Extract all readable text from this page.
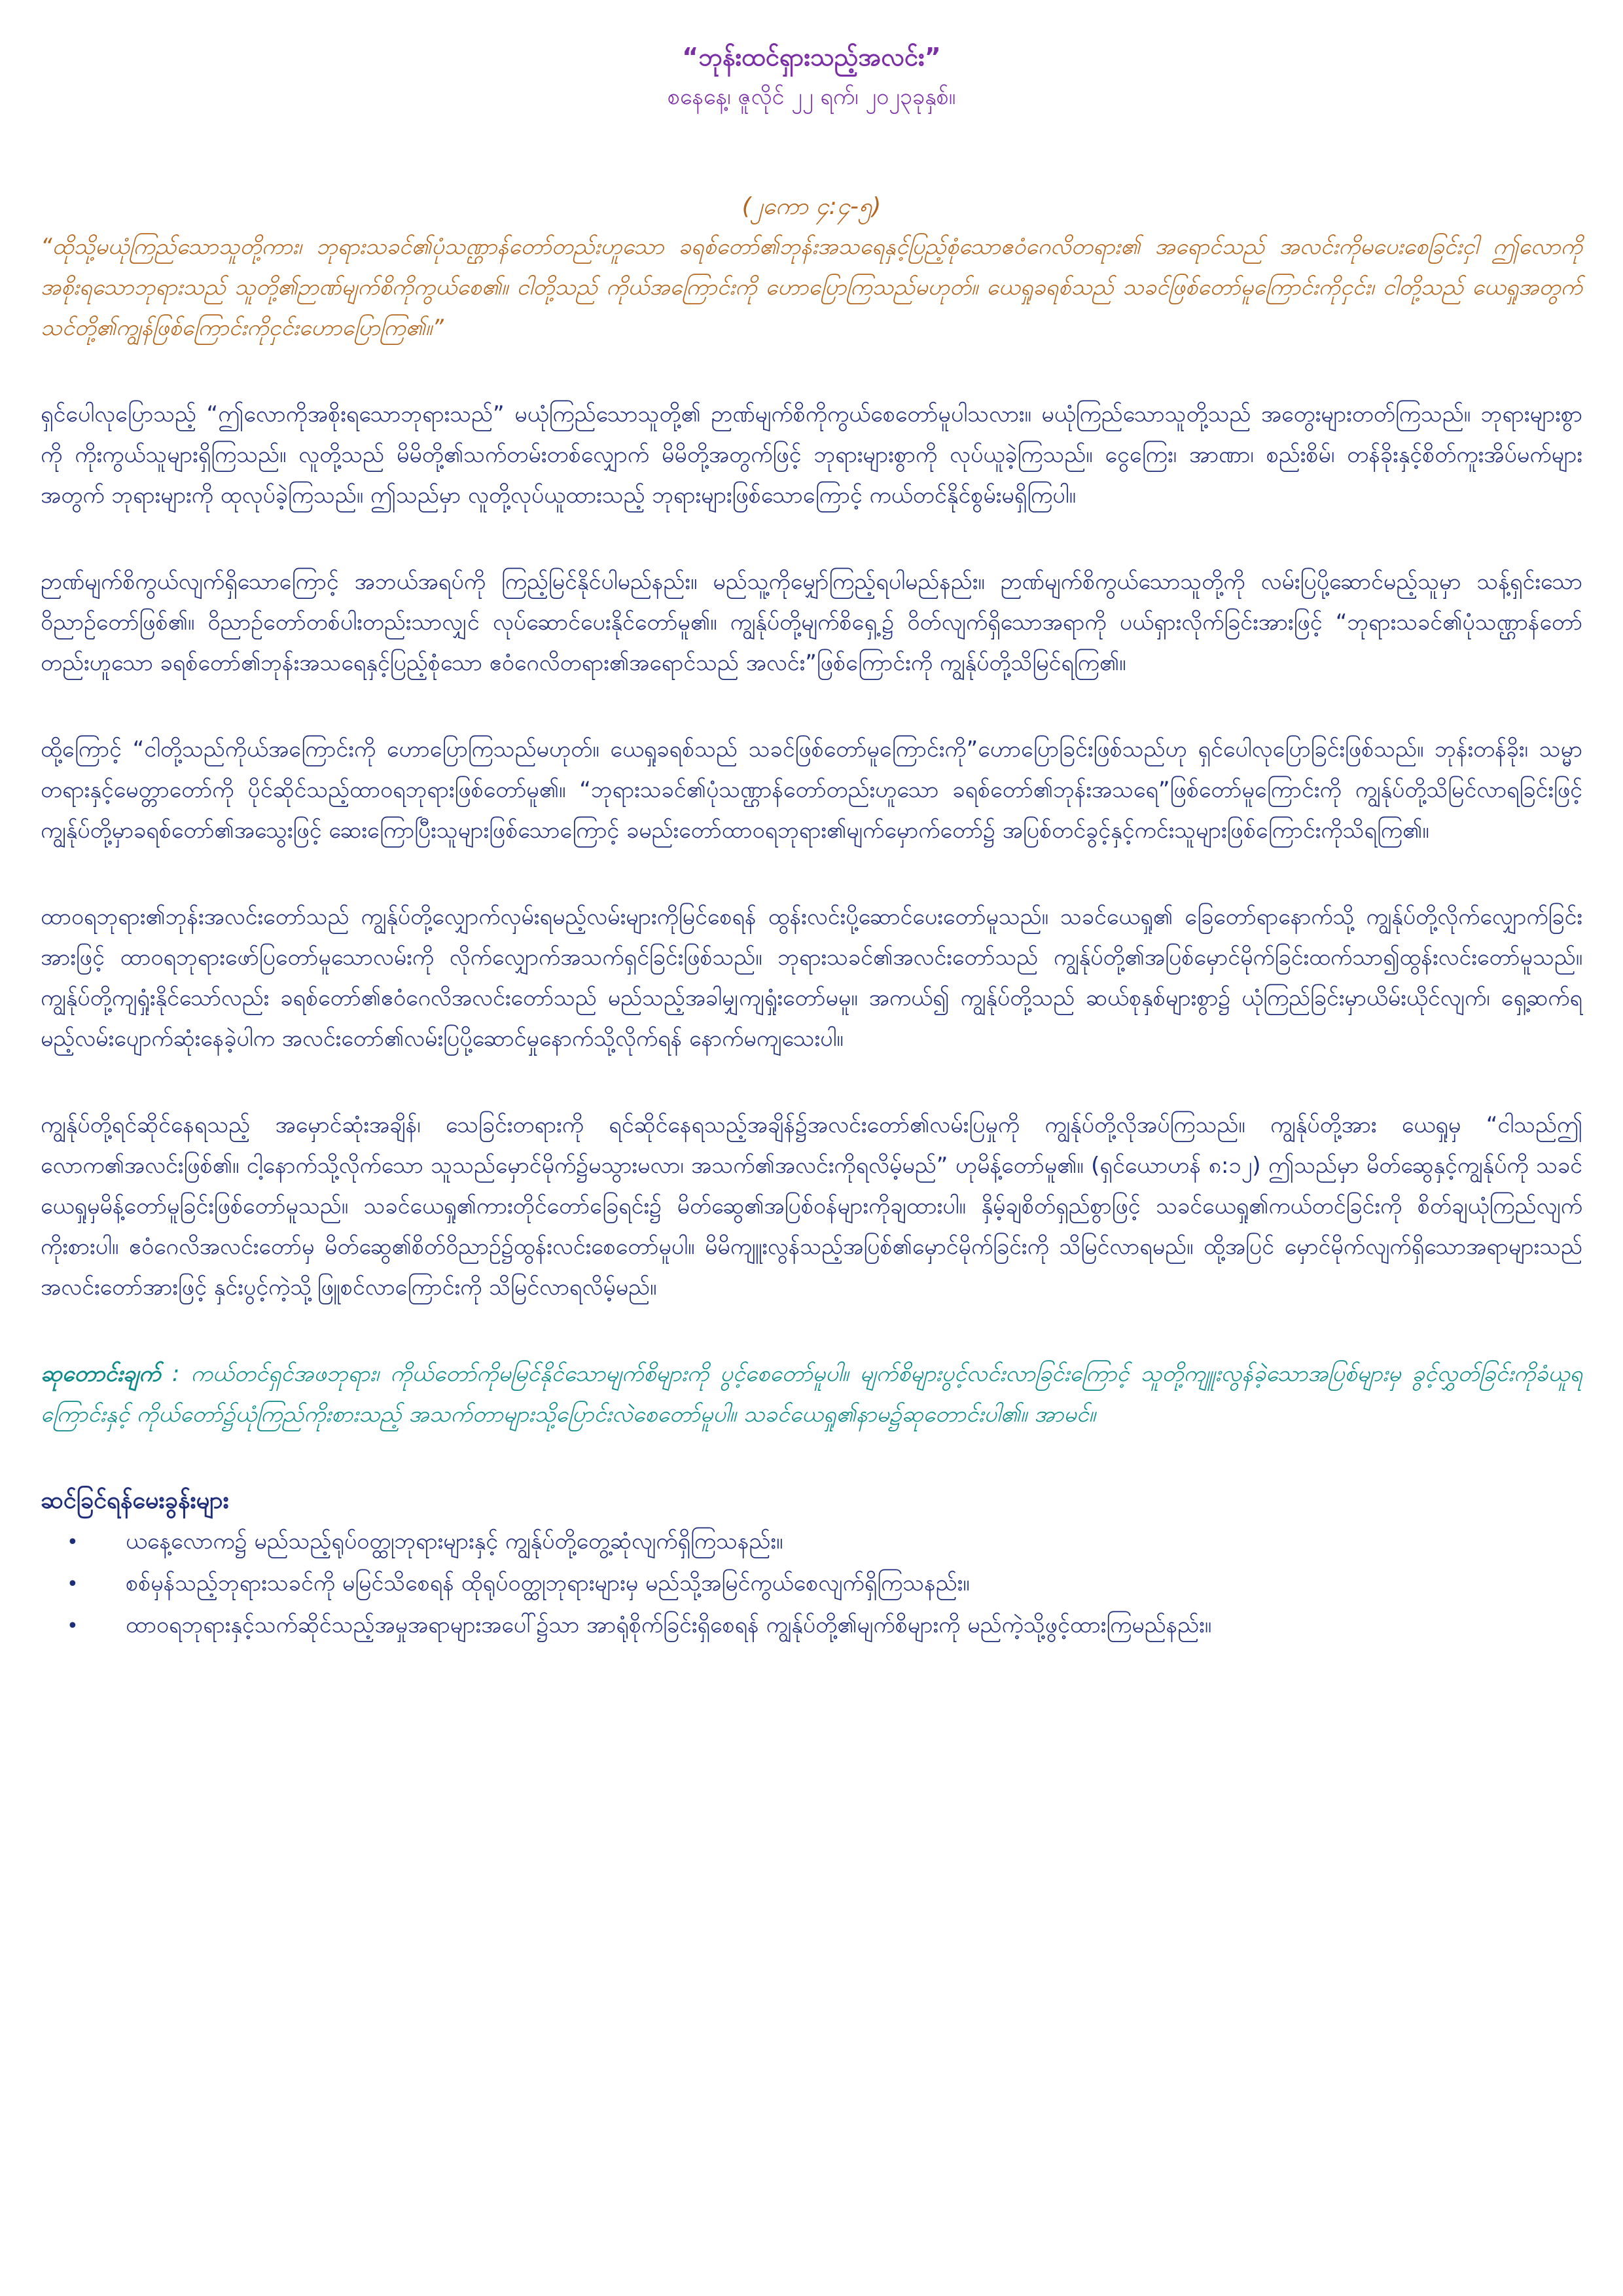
“ဘုန်းထင်ရှားသည့်အလင်း”

စနေနေ့၊ ဇူလိုင် ၂၂ ရက်၊ ၂၀၂၃ခုနှစ်။

(၂ကော ၄:၄-၅)

“ထိုသို့မယုံကြည်သောသူတို့ကား၊ ဘုရားသခင်၏ပုံသဏ္ဌာန်တော်တည်းဟူသော ခရစ်တော်၏ဘုန်းအသရေနှင့်ပြည့်စုံသောဧဝံဂေလိတရား၏ အရောင်သည် အလင်းကိုမပေးစေခြင်းငှါ ဤလောကို အစိုးရသောဘုရားသည် သူတို့၏ဉာဏ်မျက်စိကိုကွယ်စေ၏။ ငါတို့သည် ကိုယ်အကြောင်းကို ဟောပြောကြသည်မဟုတ်။ ယေရှုခရစ်သည် သခင်ဖြစ်တော်မူကြောင်းကိုငှင်း၊ ငါတို့သည် ယေရှုအတွက်သင်တို့၏ကျွန်ဖြစ်ကြောင်းကိုငှင်းဟောပြောကြ၏။”

ရှင်ပေါလုပြောသည့် “ဤလောကိုအစိုးရသောဘုရားသည်” မယုံကြည်သောသူတို့၏ ဉာဏ်မျက်စိကိုကွယ်စေတော်မူပါသလား။ မယုံကြည်သောသူတို့သည် အတွေးများတတ်ကြသည်။ ဘုရားများစွာကို ကိုးကွယ်သူများရှိကြသည်။ လူတို့သည် မိမိတို့၏သက်တမ်းတစ်လျှောက် မိမိတို့အတွက်ဖြင့် ဘုရားများစွာကို လုပ်ယူခဲ့ကြသည်။ ငွေကြေး၊ အာဏာ၊ စည်းစိမ်၊ တန်ခိုးနှင့်စိတ်ကူးအိပ်မက်များအတွက် ဘုရားများကို ထုလုပ်ခဲ့ကြသည်။ ဤသည်မှာ လူတို့လုပ်ယူထားသည့် ဘုရားများဖြစ်သောကြောင့် ကယ်တင်နိုင်စွမ်းမရှိကြပါ။

ဉာဏ်မျက်စိကွယ်လျက်ရှိသောကြောင့် အဘယ်အရပ်ကို ကြည့်မြင်နိုင်ပါမည်နည်း။ မည်သူ့ကိုမျှော်ကြည့်ရပါမည်နည်း။ ဉာဏ်မျက်စိကွယ်သောသူတို့ကို လမ်းပြပို့ဆောင်မည့်သူမှာ သန့်ရှင်းသောဝိညာဉ်တော်ဖြစ်၏။ ဝိညာဉ်တော်တစ်ပါးတည်းသာလျှင် လုပ်ဆောင်ပေးနိုင်တော်မူ၏။ ကျွန်ုပ်တို့မျက်စိရှေ့၌ ဝိတ်လျက်ရှိသောအရာကို ပယ်ရှားလိုက်ခြင်းအားဖြင့် “ဘုရားသခင်၏ပုံသဏ္ဌာန်တော်တည်းဟူသော ခရစ်တော်၏ဘုန်းအသရေနှင့်ပြည့်စုံသော ဧဝံဂေလိတရား၏အရောင်သည် အလင်း”ဖြစ်ကြောင်းကို ကျွန်ုပ်တို့သိမြင်ရကြ၏။

ထို့ကြောင့် “ငါတို့သည်ကိုယ်အကြောင်းကို ဟောပြောကြသည်မဟုတ်။ ယေရှုခရစ်သည် သခင်ဖြစ်တော်မူကြောင်းကို”ဟောပြောခြင်းဖြစ်သည်ဟု ရှင်ပေါလုပြောခြင်းဖြစ်သည်။ ဘုန်းတန်ခိုး၊ သမ္မာတရားနှင့်မေတ္တာတော်ကို ပိုင်ဆိုင်သည့်ထာဝရဘုရားဖြစ်တော်မူ၏။ “ဘုရားသခင်၏ပုံသဏ္ဌာန်တော်တည်းဟူသော ခရစ်တော်၏ဘုန်းအသရေ”ဖြစ်တော်မူကြောင်းကို ကျွန်ုပ်တို့သိမြင်လာရခြင်းဖြင့် ကျွန်ုပ်တို့မှာခရစ်တော်၏အသွေးဖြင့် ဆေးကြောပြီးသူများဖြစ်သောကြောင့် ခမည်းတော်ထာဝရဘုရား၏မျက်မှောက်တော်၌ အပြစ်တင်ခွင့်နှင့်ကင်းသူများဖြစ်ကြောင်းကိုသိရကြ၏။

ထာဝရဘုရား၏ဘုန်းအလင်းတော်သည် ကျွန်ုပ်တို့လျှောက်လှမ်းရမည့်လမ်းများကိုမြင်စေရန် ထွန်းလင်းပို့ဆောင်ပေးတော်မူသည်။ သခင်ယေရှု၏ ခြေတော်ရာနောက်သို့ ကျွန်ုပ်တို့လိုက်လျှောက်ခြင်းအားဖြင့် ထာဝရဘုရားဖော်ပြတော်မူသောလမ်းကို လိုက်လျှောက်အသက်ရှင်ခြင်းဖြစ်သည်။ ဘုရားသခင်၏အလင်းတော်သည် ကျွန်ုပ်တို့၏အပြစ်မှောင်မိုက်ခြင်းထက်သာ၍ထွန်းလင်းတော်မူသည်။ ကျွန်ုပ်တို့ကျရှုံးနိုင်သော်လည်း ခရစ်တော်၏ဧဝံဂေလိအလင်းတော်သည် မည်သည့်အခါမျှကျရှုံးတော်မမူ။ အကယ်၍ ကျွန်ုပ်တို့သည် ဆယ်စုနှစ်များစွာ၌ ယုံကြည်ခြင်းမှာယိမ်းယိုင်လျက်၊ ရှေ့ဆက်ရမည့်လမ်းပျောက်ဆုံးနေခဲ့ပါက အလင်းတော်၏လမ်းပြပို့ဆောင်မှုနောက်သို့လိုက်ရန် နောက်မကျသေးပါ။

ကျွန်ုပ်တို့ရင်ဆိုင်နေရသည့် အမှောင်ဆုံးအချိန်၊ သေခြင်းတရားကို ရင်ဆိုင်နေရသည့်အချိန်၌အလင်းတော်၏လမ်းပြမှုကို ကျွန်ုပ်တို့လိုအပ်ကြသည်။ ကျွန်ုပ်တို့အား ယေရှုမှ “ငါသည်ဤလောက၏အလင်းဖြစ်၏။ ငါ့နောက်သို့လိုက်သော သူသည်မှောင်မိုက်၌မသွားမလာ၊ အသက်၏အလင်းကိုရလိမ့်မည်” ဟုမိန့်တော်မူ၏။ (ရှင်ယောဟန် ၈:၁၂) ဤသည်မှာ မိတ်ဆွေနှင့်ကျွန်ုပ်ကို သခင်ယေရှုမှမိန့်တော်မူခြင်းဖြစ်တော်မူသည်။ သခင်ယေရှု၏ကားတိုင်တော်ခြေရင်း၌ မိတ်ဆွေ၏အပြစ်ဝန်များကိုချထားပါ။ နှိမ့်ချစိတ်ရှည်စွာဖြင့် သခင်ယေရှု၏ကယ်တင်ခြင်းကို စိတ်ချယုံကြည်လျက်ကိုးစားပါ။ ဧဝံဂေလိအလင်းတော်မှ မိတ်ဆွေ၏စိတ်ဝိညာဉ်၌ထွန်းလင်းစေတော်မူပါ။ မိမိကျူးလွန်သည့်အပြစ်၏မှောင်မိုက်ခြင်းကို သိမြင်လာရမည်။ ထို့အပြင် မှောင်မိုက်လျက်ရှိသောအရာများသည် အလင်းတော်အားဖြင့် နှင်းပွင့်ကဲ့သို့ဖြူစင်လာကြောင်းကို သိမြင်လာရလိမ့်မည်။

ဆုတောင်းချက် : ကယ်တင်ရှင်အဖဘုရား၊ ကိုယ်တော်ကိုမမြင်နိုင်သောမျက်စိများကို ပွင့်စေတော်မူပါ။ မျက်စိများပွင့်လင်းလာခြင်းကြောင့် သူတို့ကျူးလွန်ခဲ့သောအပြစ်များမှ ခွင့်လွှတ်ခြင်းကိုခံယူရကြောင်းနှင့် ကိုယ်တော်၌ယုံကြည်ကိုးစားသည့် အသက်တာများသို့ပြောင်းလဲစေတော်မူပါ။ သခင်ယေရှု၏နာမ၌ဆုတောင်းပါ၏။ အာမင်။

ဆင်ခြင်ရန်မေးခွန်းများ

•	ယနေ့လောက၌ မည်သည့်ရုပ်ဝတ္ထုဘုရားများနှင့် ကျွန်ုပ်တို့တွေ့ဆုံလျက်ရှိကြသနည်း။
•	စစ်မှန်သည့်ဘုရားသခင်ကို မမြင်သိစေရန် ထိုရုပ်ဝတ္ထုဘုရားများမှ မည်သို့အမြင်ကွယ်စေလျက်ရှိကြသနည်း။
•	ထာဝရဘုရားနှင့်သက်ဆိုင်သည့်အမှုအရာများအပေါ်၌သာ အာရုံစိုက်ခြင်းရှိစေရန် ကျွန်ုပ်တို့၏မျက်စိများကို မည်ကဲ့သို့ဖွင့်ထားကြမည်နည်း။
